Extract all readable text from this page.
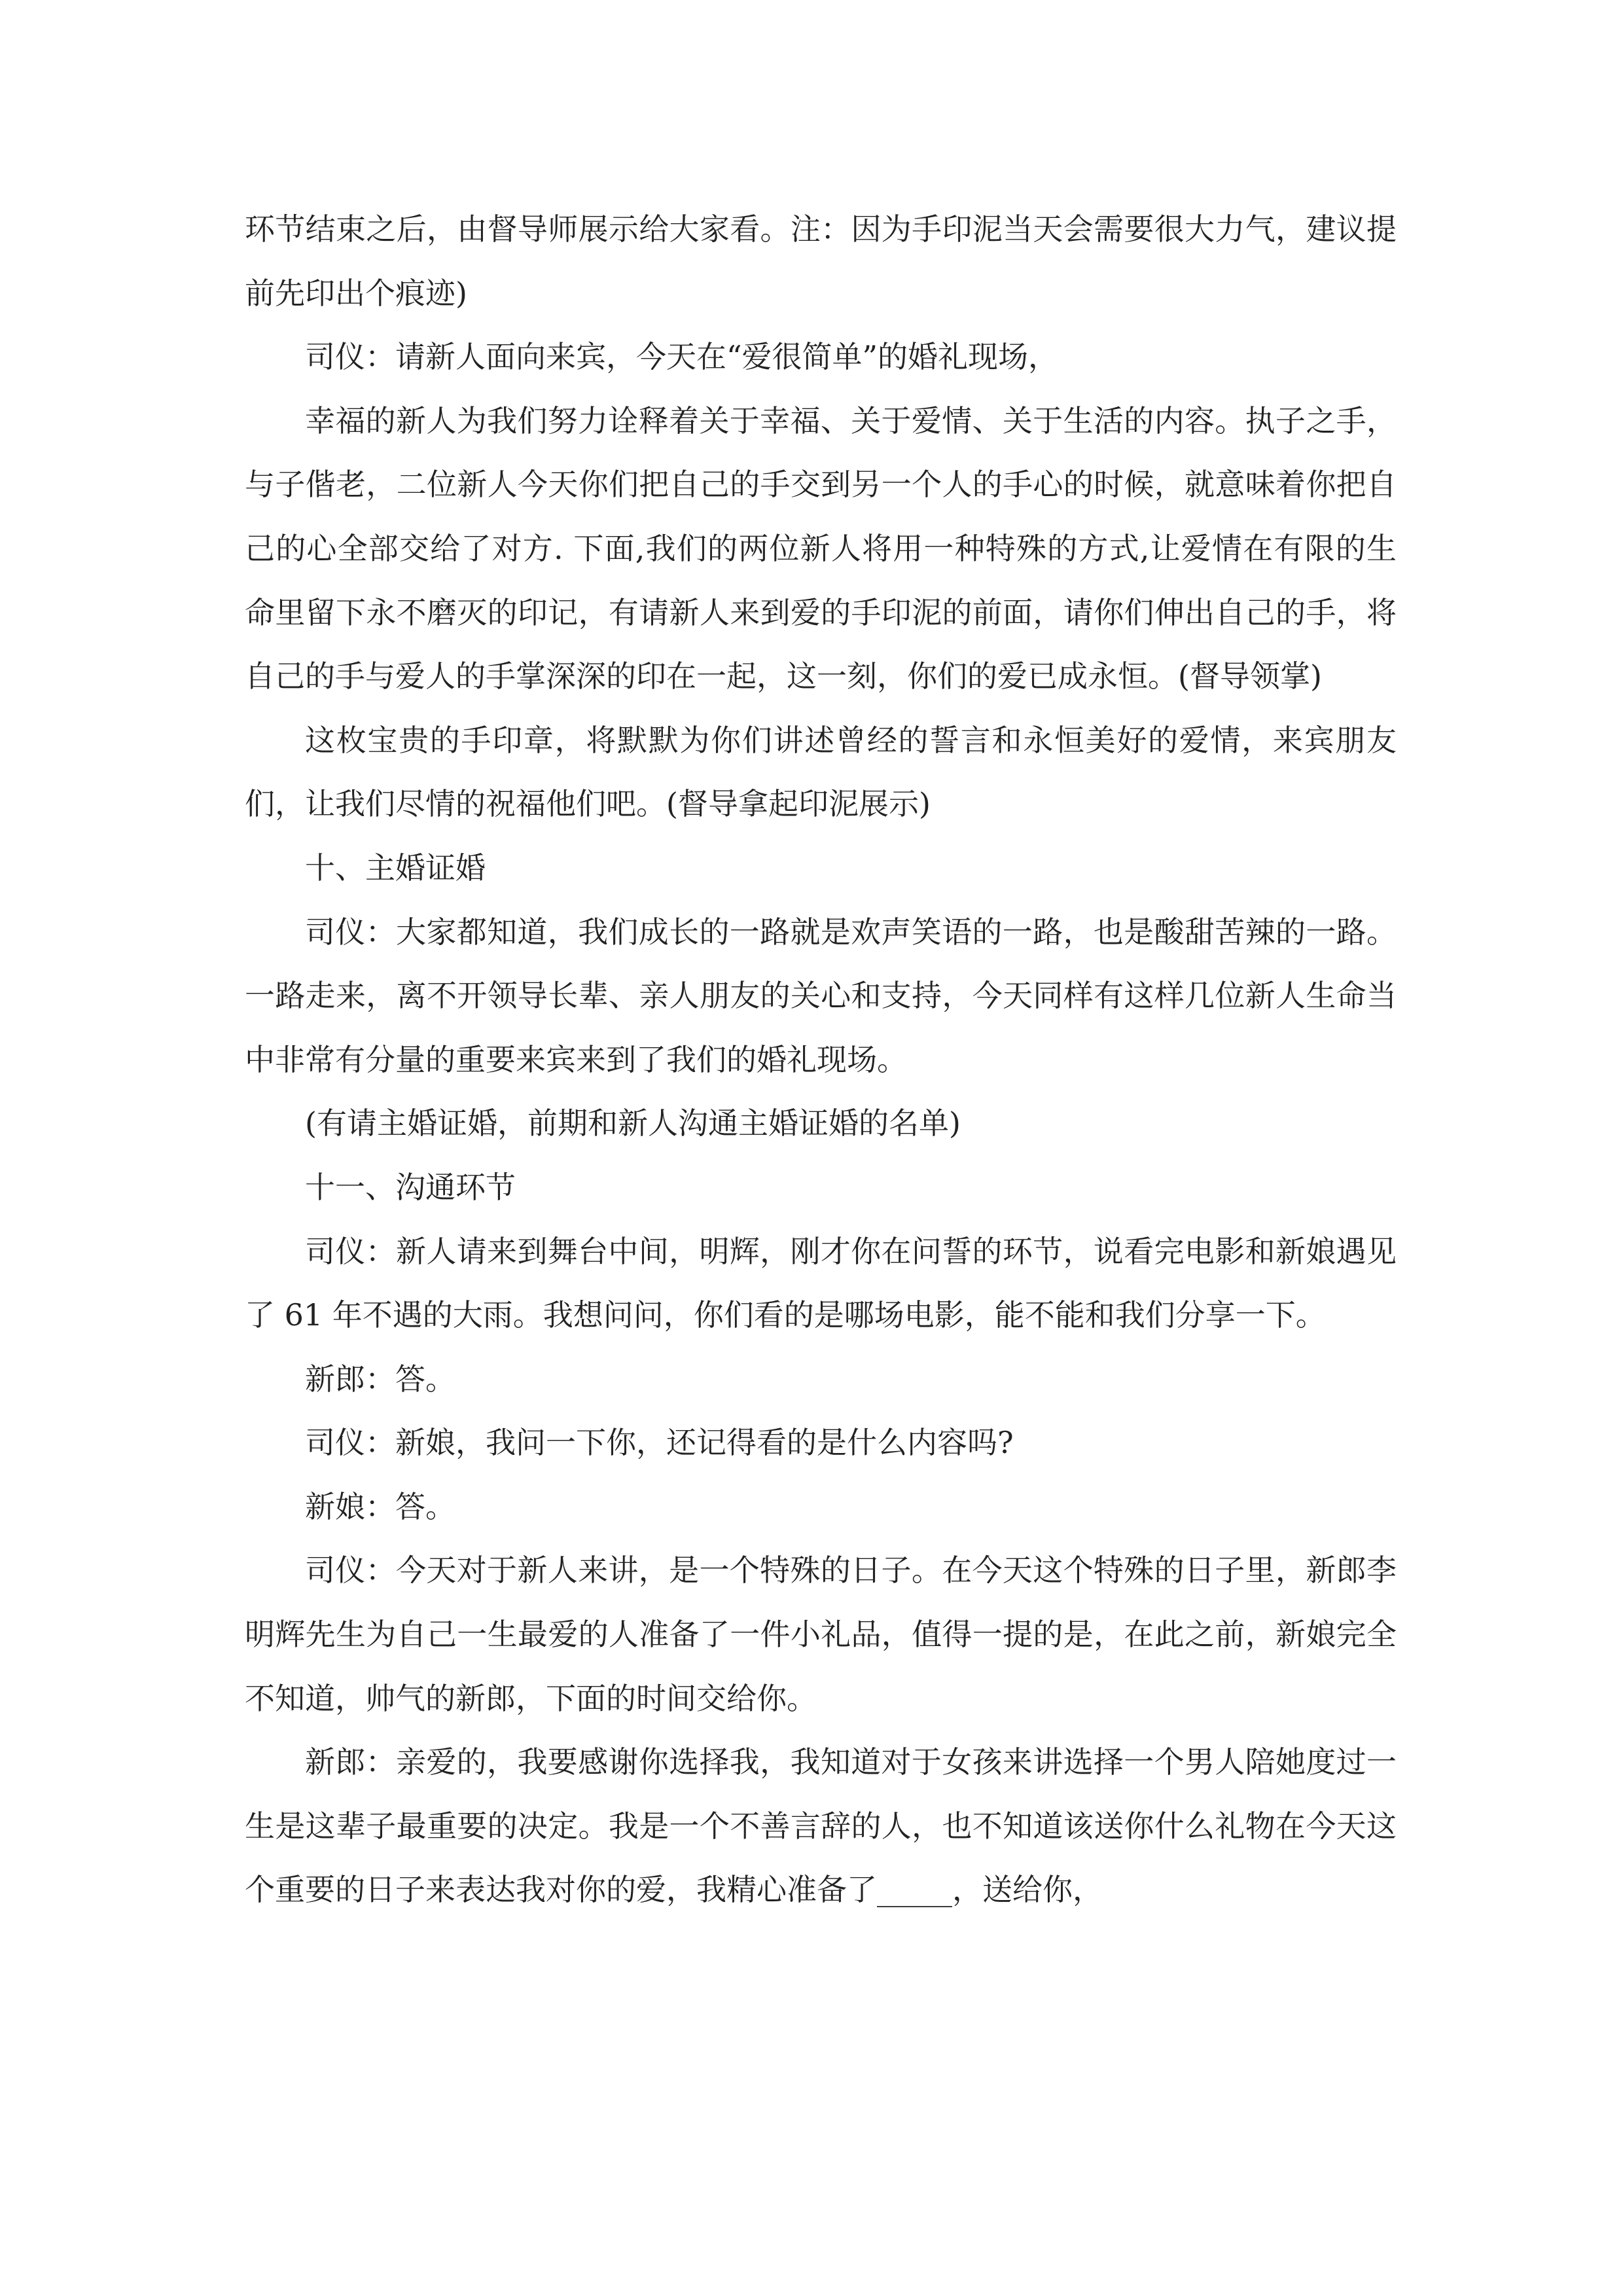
环节结束之后，由督导师展示给大家看。注：因为手印泥当天会需要很大力气，建议提前先印出个痕迹)

司仪：请新人面向来宾，今天在“爱很简单”的婚礼现场，

幸福的新人为我们努力诠释着关于幸福、关于爱情、关于生活的内容。执子之手，与子偕老，二位新人今天你们把自己的手交到另一个人的手心的时候，就意味着你把自己的心全部交给了对方. 下面,我们的两位新人将用一种特殊的方式,让爱情在有限的生命里留下永不磨灭的印记，有请新人来到爱的手印泥的前面，请你们伸出自己的手，将自己的手与爱人的手掌深深的印在一起，这一刻，你们的爱已成永恒。(督导领掌)

这枚宝贵的手印章，将默默为你们讲述曾经的誓言和永恒美好的爱情，来宾朋友们，让我们尽情的祝福他们吧。(督导拿起印泥展示)

十、主婚证婚

司仪：大家都知道，我们成长的一路就是欢声笑语的一路，也是酸甜苦辣的一路。一路走来，离不开领导长辈、亲人朋友的关心和支持，今天同样有这样几位新人生命当中非常有分量的重要来宾来到了我们的婚礼现场。

(有请主婚证婚，前期和新人沟通主婚证婚的名单)

十一、沟通环节

司仪：新人请来到舞台中间，明辉，刚才你在问誓的环节，说看完电影和新娘遇见了 61 年不遇的大雨。我想问问，你们看的是哪场电影，能不能和我们分享一下。

新郎：答。

司仪：新娘，我问一下你，还记得看的是什么内容吗?

新娘：答。

司仪：今天对于新人来讲，是一个特殊的日子。在今天这个特殊的日子里，新郎李明辉先生为自己一生最爱的人准备了一件小礼品，值得一提的是，在此之前，新娘完全不知道，帅气的新郎，下面的时间交给你。

新郎：亲爱的，我要感谢你选择我，我知道对于女孩来讲选择一个男人陪她度过一生是这辈子最重要的决定。我是一个不善言辞的人，也不知道该送你什么礼物在今天这个重要的日子来表达我对你的爱，我精心准备了_____，送给你，
